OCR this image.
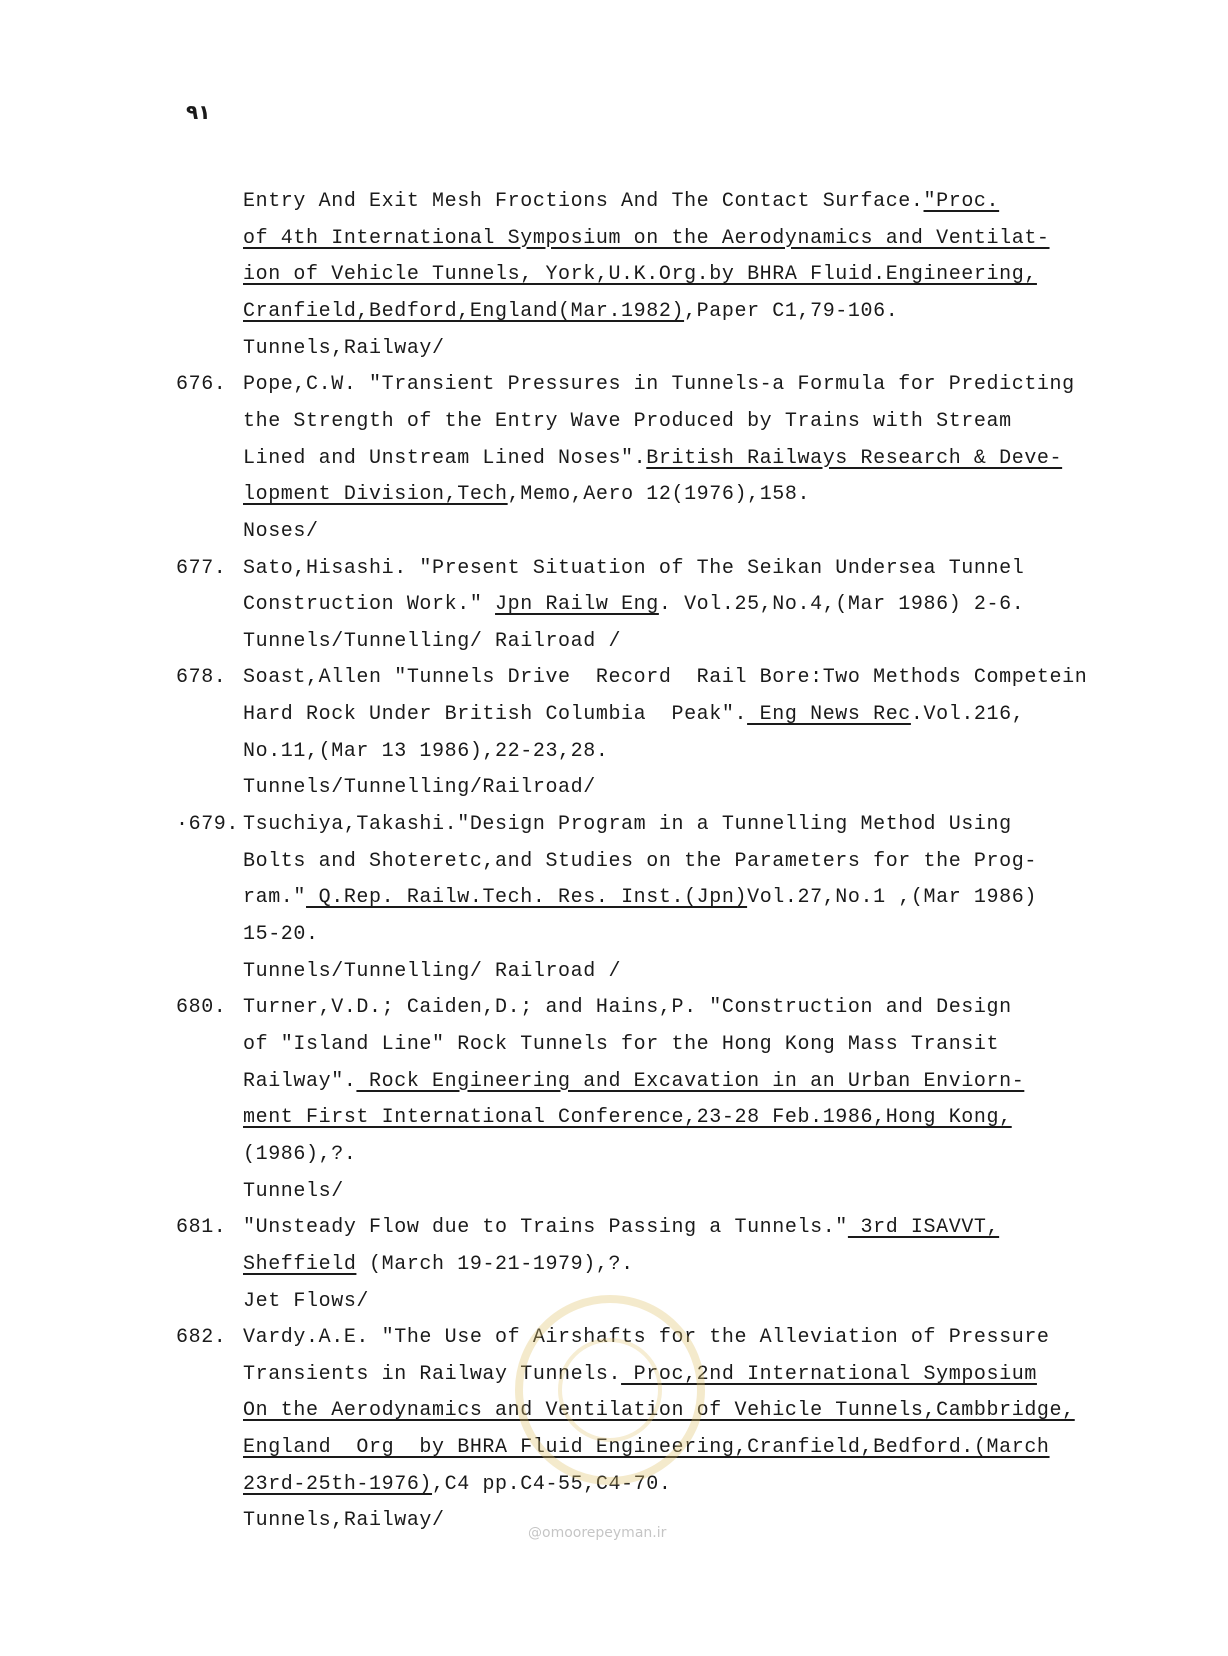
٩١
Entry And Exit Mesh Froctions And The Contact Surface."Proc.
of 4th International Symposium on the Aerodynamics and Ventilat-
ion of Vehicle Tunnels, York,U.K.Org.by BHRA Fluid.Engineering,
Cranfield,Bedford,England(Mar.1982),Paper C1,79-106.
Tunnels,Railway/
676. Pope,C.W. "Transient Pressures in Tunnels-a Formula for Predicting
the Strength of the Entry Wave Produced by Trains with Stream
Lined and Unstream Lined Noses".British Railways Research & Deve-
lopment Division,Tech,Memo,Aero 12(1976),158.
Noses/
677. Sato,Hisashi. "Present Situation of The Seikan Undersea Tunnel
Construction Work." Jpn Railw Eng. Vol.25,No.4,(Mar 1986) 2-6.
Tunnels/Tunnelling/ Railroad /
678. Soast,Allen "Tunnels Drive  Record  Rail Bore:Two Methods Competein
Hard Rock Under British Columbia  Peak". Eng News Rec.Vol.216,
No.11,(Mar 13 1986),22-23,28.
Tunnels/Tunnelling/Railroad/
·679. Tsuchiya,Takashi."Design Program in a Tunnelling Method Using
Bolts and Shoteretc,and Studies on the Parameters for the Prog-
ram." Q.Rep. Railw.Tech. Res. Inst.(Jpn)Vol.27,No.1 ,(Mar 1986)
15-20.
Tunnels/Tunnelling/ Railroad /
680. Turner,V.D.; Caiden,D.; and Hains,P. "Construction and Design
of "Island Line" Rock Tunnels for the Hong Kong Mass Transit
Railway". Rock Engineering and Excavation in an Urban Enviorn-
ment First International Conference,23-28 Feb.1986,Hong Kong,
(1986),?.
Tunnels/
681. "Unsteady Flow due to Trains Passing a Tunnels." 3rd ISAVVT,
Sheffield (March 19-21-1979),?.
Jet Flows/
682. Vardy.A.E. "The Use of Airshafts for the Alleviation of Pressure
Transients in Railway Tunnels. Proc,2nd International Symposium
On the Aerodynamics and Ventilation of Vehicle Tunnels,Cambbridge,
England  Org  by BHRA Fluid Engineering,Cranfield,Bedford.(March
23rd-25th-1976),C4 pp.C4-55,C4-70.
Tunnels,Railway/
@omoorepeyman.ir
